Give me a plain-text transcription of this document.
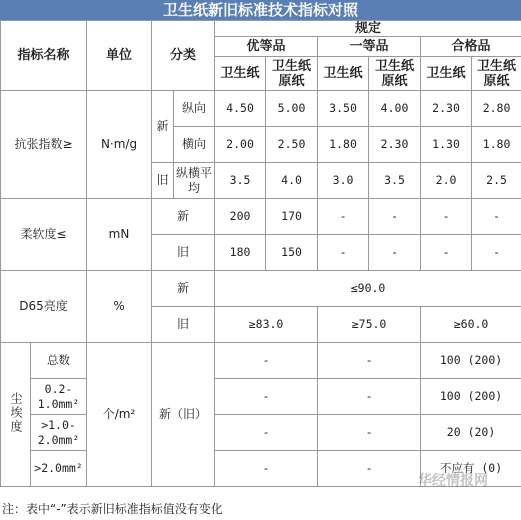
卫生纸新旧标准技术指标对照
指标名称		单位	分类		规定					
					优等品		一等品		合格品	
					卫生纸	卫生纸原纸	卫生纸	卫生纸原纸	卫生纸	卫生纸原纸
抗张指数≥		N·m/g	新	纵向	4.50	5.00	3.50	4.00	2.30	2.80
				横向	2.00	2.50	1.80	2.30	1.30	1.80
			旧	纵横平均	3.5	4.0	3.0	3.5	2.0	2.5
柔软度≤		mN	新		200	170	-	-	-	-
			旧		180	150	-	-	-	-
D65亮度		%	新		≤90.0					
			旧		≥83.0		≥75.0		≥60.0	
尘埃度	总数	个/m²	新（旧）		-		-		100 (200)	
	0.2-1.0mm²				-		-		100 (200)	
	>1.0-2.0mm²				-		-		20 (20)	
	>2.0mm²				-		-		不应有 (0)	
华经情报网
注：表中“-”表示新旧标准指标值没有变化
